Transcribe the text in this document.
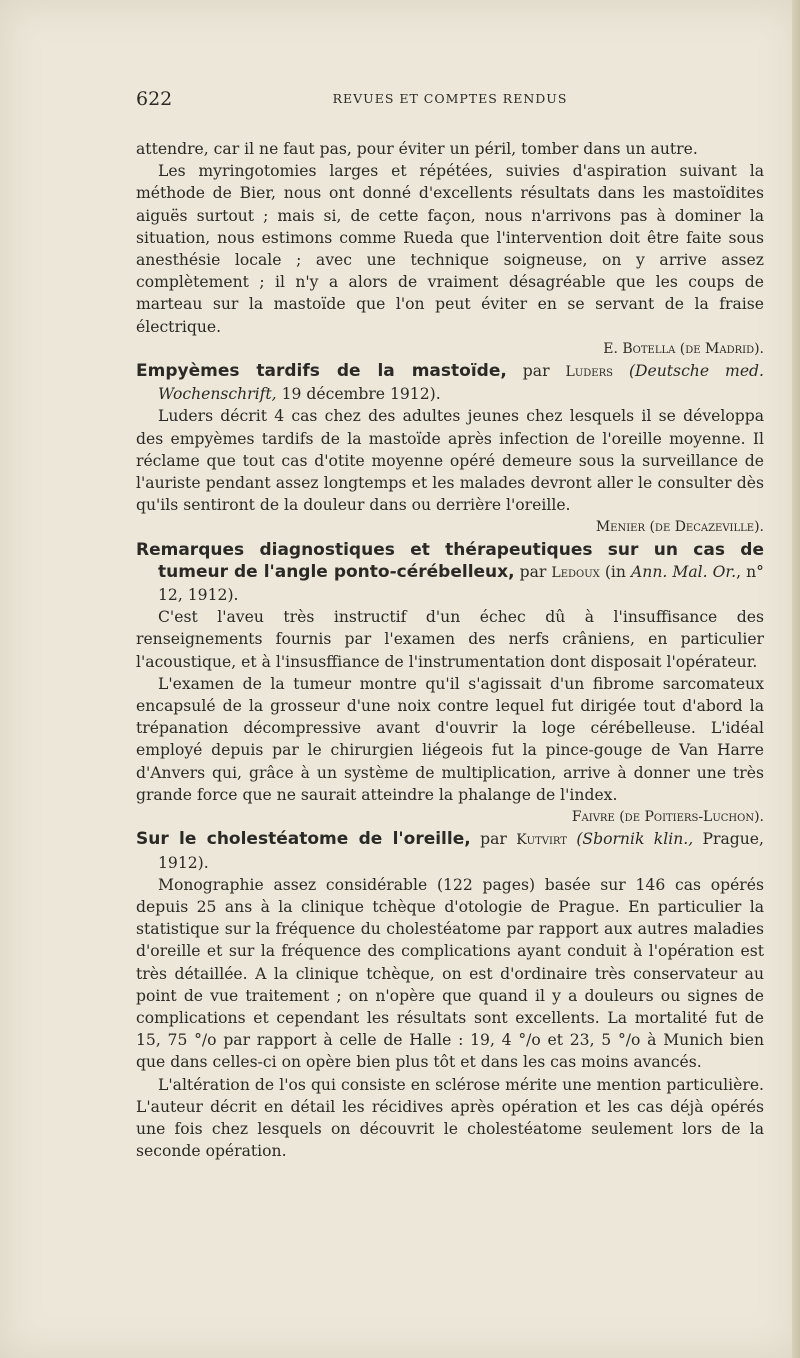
622	REVUES ET COMPTES RENDUS

attendre, car il ne faut pas, pour éviter un péril, tomber dans un autre.

Les myringotomies larges et répétées, suivies d'aspiration suivant la méthode de Bier, nous ont donné d'excellents résultats dans les mastoïdites aiguës surtout ; mais si, de cette façon, nous n'arrivons pas à dominer la situation, nous estimons comme Rueda que l'intervention doit être faite sous anesthésie locale ; avec une technique soigneuse, on y arrive assez complètement ; il n'y a alors de vraiment désagréable que les coups de marteau sur la mastoïde que l'on peut éviter en se servant de la fraise électrique.
E. Botella (de Madrid).

Empyèmes tardifs de la mastoïde, par Luders (Deutsche med. Wochenschrift, 19 décembre 1912).

Luders décrit 4 cas chez des adultes jeunes chez lesquels il se développa des empyèmes tardifs de la mastoïde après infection de l'oreille moyenne. Il réclame que tout cas d'otite moyenne opéré demeure sous la surveillance de l'auriste pendant assez longtemps et les malades devront aller le consulter dès qu'ils sentiront de la douleur dans ou derrière l'oreille.
Menier (de Decazeville).

Remarques diagnostiques et thérapeutiques sur un cas de tumeur de l'angle ponto-cérébelleux, par Ledoux (in Ann. Mal. Or., n° 12, 1912).

C'est l'aveu très instructif d'un échec dû à l'insuffisance des renseignements fournis par l'examen des nerfs crâniens, en particulier l'acoustique, et à l'insusffiance de l'instrumentation dont disposait l'opérateur.

L'examen de la tumeur montre qu'il s'agissait d'un fibrome sarcomateux encapsulé de la grosseur d'une noix contre lequel fut dirigée tout d'abord la trépanation décompressive avant d'ouvrir la loge cérébelleuse. L'idéal employé depuis par le chirurgien liégeois fut la pince-gouge de Van Harre d'Anvers qui, grâce à un système de multiplication, arrive à donner une très grande force que ne saurait atteindre la phalange de l'index.
Faivre (de Poitiers-Luchon).

Sur le cholestéatome de l'oreille, par Kutvirt (Sbornik klin., Prague, 1912).

Monographie assez considérable (122 pages) basée sur 146 cas opérés depuis 25 ans à la clinique tchèque d'otologie de Prague. En particulier la statistique sur la fréquence du cholestéatome par rapport aux autres maladies d'oreille et sur la fréquence des complications ayant conduit à l'opération est très détaillée. A la clinique tchèque, on est d'ordinaire très conservateur au point de vue traitement ; on n'opère que quand il y a douleurs ou signes de complications et cependant les résultats sont excellents. La mortalité fut de 15, 75 °/o par rapport à celle de Halle : 19, 4 °/o et 23, 5 °/o à Munich bien que dans celles-ci on opère bien plus tôt et dans les cas moins avancés.

L'altération de l'os qui consiste en sclérose mérite une mention particulière. L'auteur décrit en détail les récidives après opération et les cas déjà opérés une fois chez lesquels on découvrit le cholestéatome seulement lors de la seconde opération.
